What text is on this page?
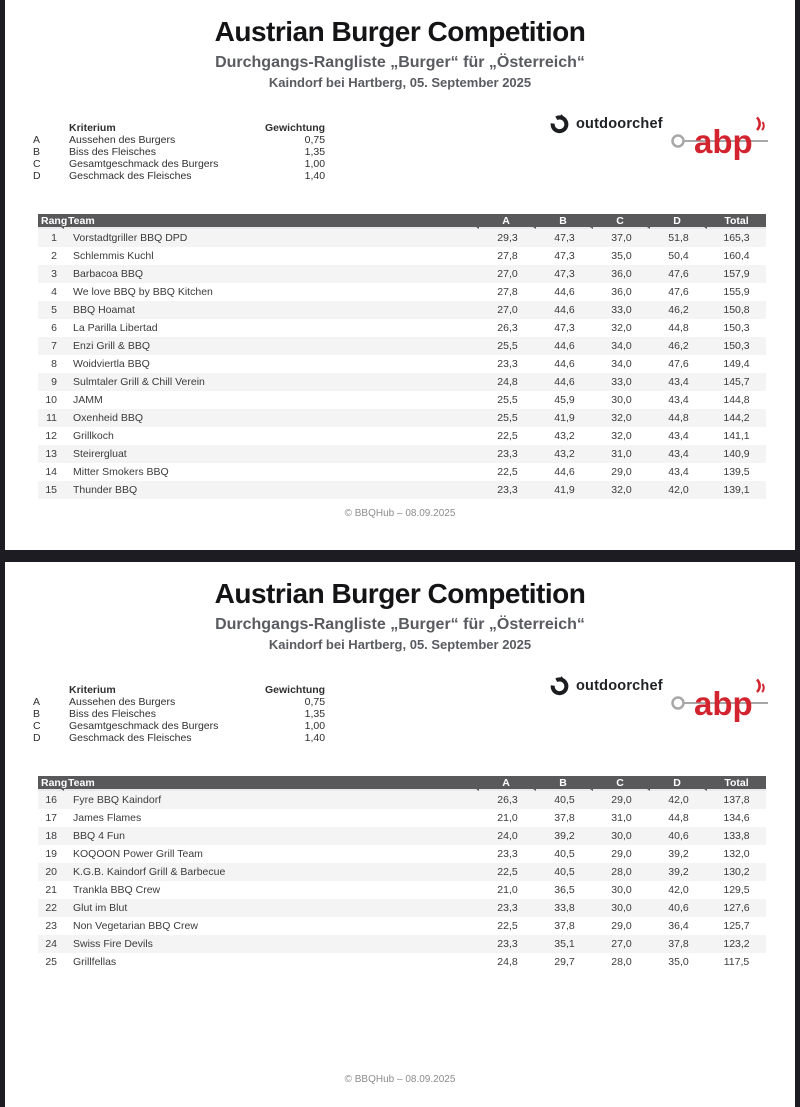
Austrian Burger Competition

Durchgangs-Rangliste „Burger“ für „Österreich“

Kaindorf bei Hartberg, 05. September 2025

	Kriterium	Gewichtung
A	Aussehen des Burgers	0,75
B	Biss des Fleisches	1,35
C	Gesamtgeschmack des Burgers	1,00
D	Geschmack des Fleisches	1,40
outdoorchef abp
Rang	Team	A	B	C	D	Total
1	Vorstadtgriller BBQ DPD	29,3	47,3	37,0	51,8	165,3
2	Schlemmis Kuchl	27,8	47,3	35,0	50,4	160,4
3	Barbacoa BBQ	27,0	47,3	36,0	47,6	157,9
4	We love BBQ by BBQ Kitchen	27,8	44,6	36,0	47,6	155,9
5	BBQ Hoamat	27,0	44,6	33,0	46,2	150,8
6	La Parilla Libertad	26,3	47,3	32,0	44,8	150,3
7	Enzi Grill & BBQ	25,5	44,6	34,0	46,2	150,3
8	Woidviertla BBQ	23,3	44,6	34,0	47,6	149,4
9	Sulmtaler Grill & Chill Verein	24,8	44,6	33,0	43,4	145,7
10	JAMM	25,5	45,9	30,0	43,4	144,8
11	Oxenheid BBQ	25,5	41,9	32,0	44,8	144,2
12	Grillkoch	22,5	43,2	32,0	43,4	141,1
13	Steirergluat	23,3	43,2	31,0	43,4	140,9
14	Mitter Smokers BBQ	22,5	44,6	29,0	43,4	139,5
15	Thunder BBQ	23,3	41,9	32,0	42,0	139,1
© BBQHub – 08.09.2025
Austrian Burger Competition

Durchgangs-Rangliste „Burger“ für „Österreich“

Kaindorf bei Hartberg, 05. September 2025

	Kriterium	Gewichtung
A	Aussehen des Burgers	0,75
B	Biss des Fleisches	1,35
C	Gesamtgeschmack des Burgers	1,00
D	Geschmack des Fleisches	1,40
outdoorchef abp
Rang	Team	A	B	C	D	Total
16	Fyre BBQ Kaindorf	26,3	40,5	29,0	42,0	137,8
17	James Flames	21,0	37,8	31,0	44,8	134,6
18	BBQ 4 Fun	24,0	39,2	30,0	40,6	133,8
19	KOQOON Power Grill Team	23,3	40,5	29,0	39,2	132,0
20	K.G.B. Kaindorf Grill & Barbecue	22,5	40,5	28,0	39,2	130,2
21	Trankla BBQ Crew	21,0	36,5	30,0	42,0	129,5
22	Glut im Blut	23,3	33,8	30,0	40,6	127,6
23	Non Vegetarian BBQ Crew	22,5	37,8	29,0	36,4	125,7
24	Swiss Fire Devils	23,3	35,1	27,0	37,8	123,2
25	Grillfellas	24,8	29,7	28,0	35,0	117,5
© BBQHub – 08.09.2025
